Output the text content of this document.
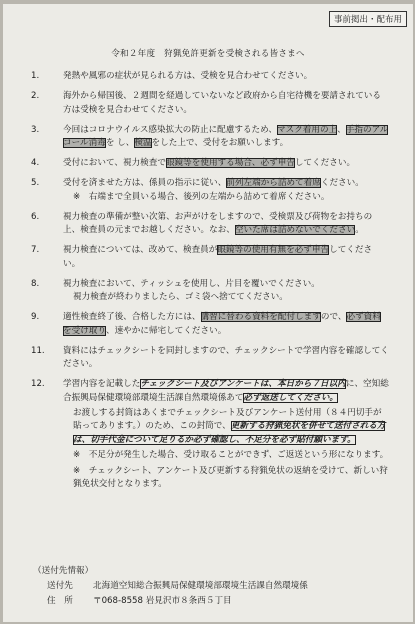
事前掲出・配布用
令和２年度　狩猟免許更新を受検される皆さまへ
1.	発熱や風邪の症状が見られる方は、受検を見合わせてください。
2.	海外から帰国後、２週間を経過していないなど政府から自宅待機を要請されている方は受検を見合わせてください。
3.	今回はコロナウイルス感染拡大の防止に配慮するため、マスク着用の上、手指のアルコール消毒を し、検温をした上で、受付をお願いします。
4.	受付において、視力検査で眼鏡等を使用する場合、必ず申告してください。
5.	受付を済ませた方は、係員の指示に従い、前列左端から詰めて着席ください。
※　右端まで全員いる場合、後列の左端から詰めて着席ください。
6.	視力検査の準備が整い次第、お声がけをしますので、受検票及び荷物をお持ちの上、検査員の元までお越しください。なお、空いた席は詰めないでください。
7.	視力検査については、改めて、検査員が眼鏡等の使用有無を必ず申告してください。
8.	視力検査において、ティッシュを使用し、片目を覆いでください。
視力検査が終わりましたら、ゴミ袋へ捨ててください。
9.	適性検査終了後、合格した方には、講習に替わる資料を配付しますので、必ず資料を受け取り、速やかに帰宅してください。
11.	資料にはチェックシートを同封しますので、チェックシートで学習内容を確認してください。
12.	学習内容を記載したチェックシート及びアンケートは、本日から７日以内に、空知総合振興局保健環境部環境生活課自然環境係あて必ず返送してください。
お渡しする封筒はあくまでチェックシート及びアンケート送付用（８４円切手が貼ってあります。）のため、この封筒で、更新する狩猟免状を併せて送付される方は、切手代金について足りるか必ず確認し、不足分を必ず貼付願います。
※　不足分が発生した場合、受け取ることができず、ご返送という形になります。
※　チェックシート、アンケート及び更新する狩猟免状の返納を受けて、新しい狩猟免状交付となります。
（送付先情報）
送付先 北海道空知総合振興局保健環境部環境生活課自然環境係
住　所 〒068-8558 岩見沢市８条西５丁目
